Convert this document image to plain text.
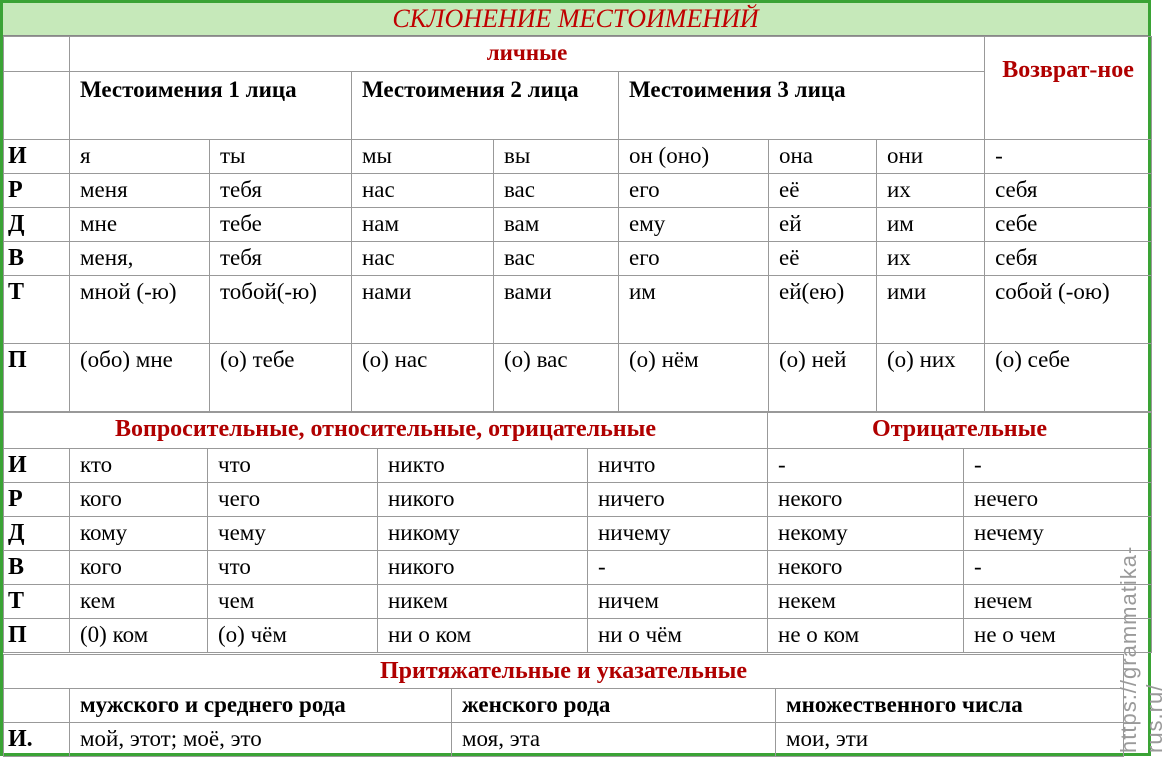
СКЛОНЕНИЕ МЕСТОИМЕНИЙ
	личные							Возврат-ное
	Местоимения 1 лица		Местоимения 2 лица		Местоимения 3 лица			
И	я	ты	мы	вы	он (оно)	она	они	-
Р	меня	тебя	нас	вас	его	её	их	себя
Д	мне	тебе	нам	вам	ему	ей	им	себе
В	меня,	тебя	нас	вас	его	её	их	себя
Т	мной (-ю)	тобой(-ю)	нами	вами	им	ей(ею)	ими	собой (-ою)
П	(обо) мне	(о) тебе	(о) нас	(о) вас	(о) нём	(о) ней	(о) них	(о) себе
Вопросительные, относительные, отрицательные					Отрицательные	
И	кто	что	никто	ничто	-	-
Р	кого	чего	никого	ничего	некого	нечего
Д	кому	чему	никому	ничему	некому	нечему
В	кого	что	никого	-	некого	-
Т	кем	чем	никем	ничем	некем	нечем
П	(0) ком	(о) чём	ни о ком	ни о чём	не о ком	не о чем
Притяжательные и указательные			
	мужского и среднего рода	женского рода	множественного числа
И.	мой, этот; моё, это	моя, эта	мои, эти	https://grammatika-rus.ru/
